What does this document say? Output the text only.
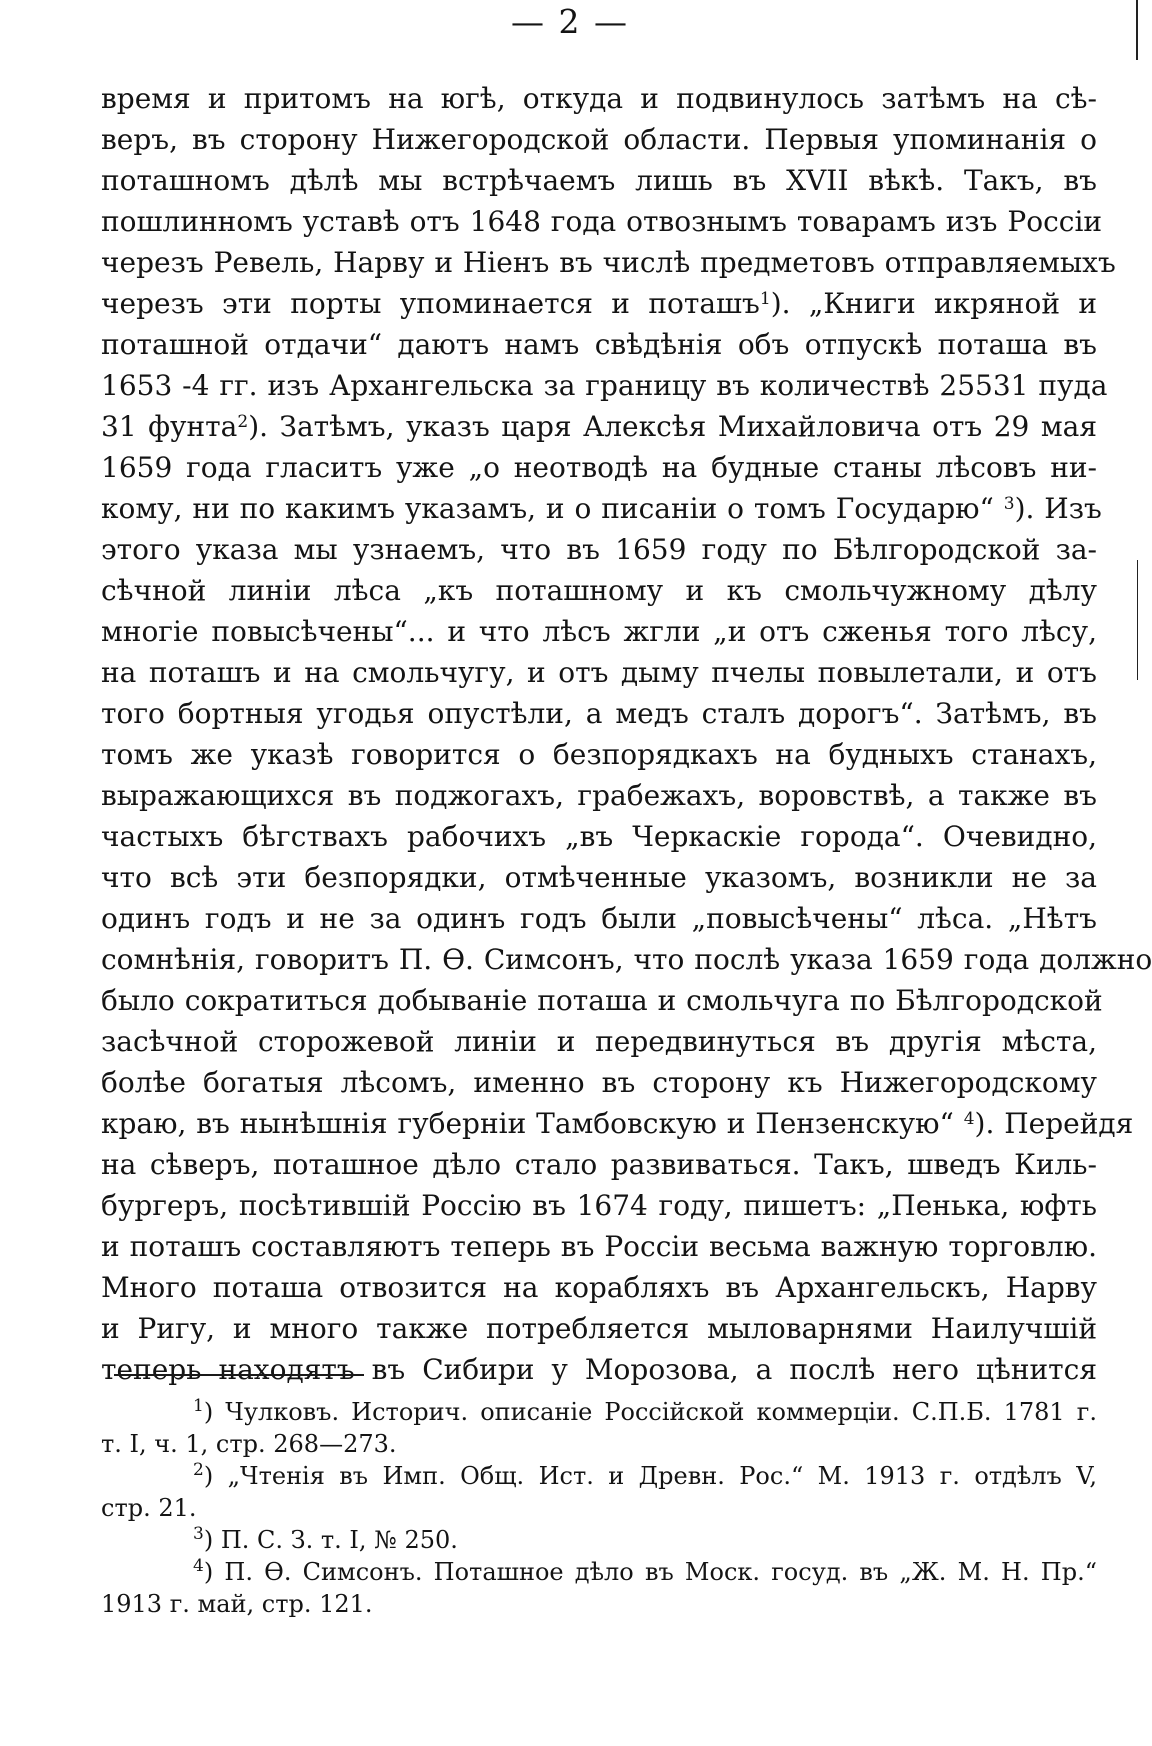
— 2 —
время и притомъ на югѣ, откуда и подвинулось затѣмъ на сѣ-
веръ, въ сторону Нижегородской области. Первыя упоминанія о
поташномъ дѣлѣ мы встрѣчаемъ лишь въ XVII вѣкѣ. Такъ, въ
пошлинномъ уставѣ отъ 1648 года отвознымъ товарамъ изъ Россіи
черезъ Ревель, Нарву и Ніенъ въ числѣ предметовъ отправляемыхъ
черезъ эти порты упоминается и поташъ$^1$). „Книги икряной и
поташной отдачи“ даютъ намъ свѣдѣнія объ отпускѣ поташа въ
1653 -4 гг. изъ Архангельска за границу въ количествѣ 25531 пуда
31 фунта$^2$). Затѣмъ, указъ царя Алексѣя Михайловича отъ 29 мая
1659 года гласитъ уже „о неотводѣ на будные станы лѣсовъ ни-
кому, ни по какимъ указамъ, и о писаніи о томъ Государю“ $^3$). Изъ
этого указа мы узнаемъ, что въ 1659 году по Бѣлгородской за-
сѣчной линіи лѣса „къ поташному и къ смольчужному дѣлу
многіе повысѣчены“... и что лѣсъ жгли „и отъ сженья того лѣсу,
на поташъ и на смольчугу, и отъ дыму пчелы повылетали, и отъ
того бортныя угодья опустѣли, а медъ сталъ дорогъ“. Затѣмъ, въ
томъ же указѣ говорится о безпорядкахъ на будныхъ станахъ,
выражающихся въ поджогахъ, грабежахъ, воровствѣ, а также въ
частыхъ бѣгствахъ рабочихъ „въ Черкаскіе города“. Очевидно,
что всѣ эти безпорядки, отмѣченные указомъ, возникли не за
одинъ годъ и не за одинъ годъ были „повысѣчены“ лѣса. „Нѣтъ
сомнѣнія, говоритъ П. Ѳ. Симсонъ, что послѣ указа 1659 года должно
было сократиться добываніе поташа и смольчуга по Бѣлгородской
засѣчной сторожевой линіи и передвинуться въ другія мѣста,
болѣе богатыя лѣсомъ, именно въ сторону къ Нижегородскому
краю, въ нынѣшнія губерніи Тамбовскую и Пензенскую“ $^4$). Перейдя
на сѣверъ, поташное дѣло стало развиваться. Такъ, шведъ Киль-
бургеръ, посѣтившій Россію въ 1674 году, пишетъ: „Пенька, юфть
и поташъ составляютъ теперь въ Россіи весьма важную торговлю.
Много поташа отвозится на корабляхъ въ Архангельскъ, Нарву
и Ригу, и много также потребляется мыловарнями Наилучшій
теперь находятъ въ Сибири у Морозова, а послѣ него цѣнится
$^1$) Чулковъ. Историч. описаніе Россійской коммерціи. С.П.Б. 1781 г.
т. I, ч. 1, стр. 268—273.
$^2$) „Чтенія въ Имп. Общ. Ист. и Древн. Рос.“ М. 1913 г. отдѣлъ V,
стр. 21.
$^3$) П. С. З. т. I, № 250.
$^4$) П. Ѳ. Симсонъ. Поташное дѣло въ Моск. госуд. въ „Ж. М. Н. Пр.“
1913 г. май, стр. 121.
